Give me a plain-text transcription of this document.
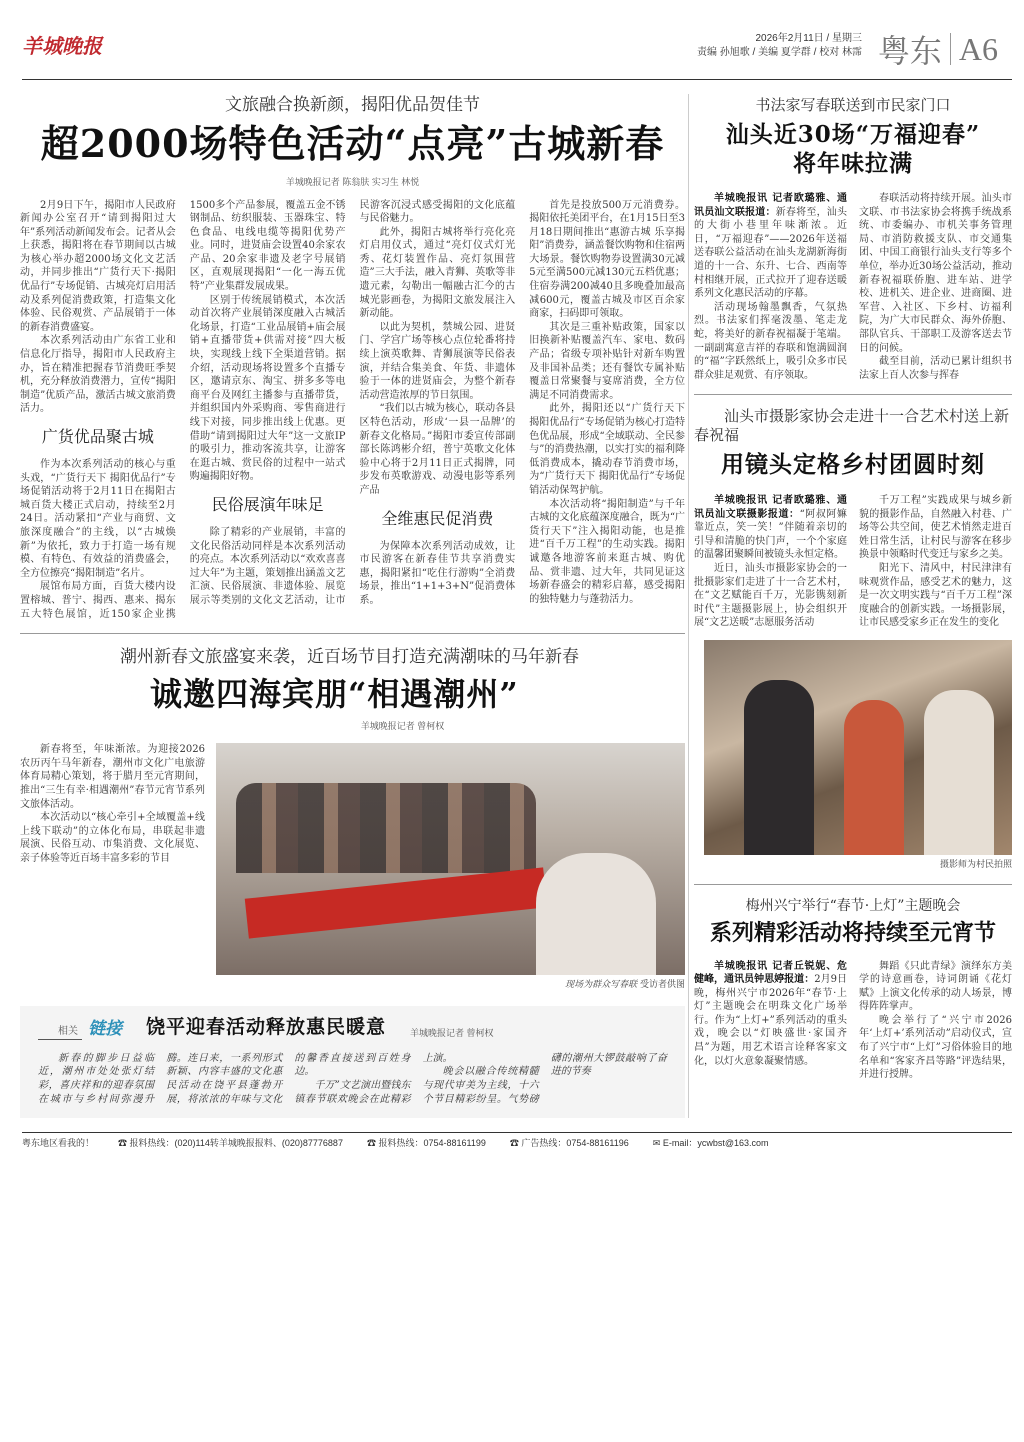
羊城晚报	2026年2月11日 / 星期三
责编 孙旭歌 / 美编 夏学群 / 校对 林霈 粤东 A6
文旅融合换新颜，揭阳优品贺佳节
超2000场特色活动“点亮”古城新春
羊城晚报记者 陈翁肤 实习生 林悦

2月9日下午，揭阳市人民政府新闻办公室召开“请到揭阳过大年”系列活动新闻发布会。记者从会上获悉，揭阳将在春节期间以古城为核心举办超2000场文化文艺活动，并同步推出“广货行天下·揭阳优品行”专场促销、古城亮灯启用活动及系列促消费政策，打造集文化体验、民俗观赏、产品展销于一体的新春消费盛宴。

本次系列活动由广东省工业和信息化厅指导，揭阳市人民政府主办，旨在精准把握春节消费旺季契机，充分释放消费潜力，宣传“揭阳制造”优质产品，激活古城文旅消费活力。

广货优品聚古城

作为本次系列活动的核心与重头戏，“广货行天下 揭阳优品行”专场促销活动将于2月11日在揭阳古城百货大楼正式启动，持续至2月24日。活动紧扣“产业与商贸、文旅深度融合”的主线，以“古城焕新”为依托，致力于打造一场有规模、有特色、有效益的消费盛会，全方位擦亮“揭阳制造”名片。

展馆布局方面，百货大楼内设置榕城、普宁、揭西、惠来、揭东五大特色展馆，近150家企业携1500多个产品参展，覆盖五金不锈钢制品、纺织服装、玉器珠宝、特色食品、电线电缆等揭阳优势产业。同时，进贤庙会设置40余家农产品、20余家非遗及老字号展销区，直观展现揭阳“一化一海五优特”产业集群发展成果。

区别于传统展销模式，本次活动首次将产业展销深度融入古城活化场景，打造“工业品展销+庙会展销+直播带货+供需对接”四大板块，实现线上线下全渠道营销。据介绍，活动现场将设置多个直播专区，邀请京东、淘宝、拼多多等电商平台及网红主播参与直播带货，并组织国内外采购商、零售商进行线下对接，同步推出线上优惠。更借助“请到揭阳过大年”这一文旅IP的吸引力，推动客流共享，让游客在逛古城、赏民俗的过程中一站式购遍揭阳好物。

民俗展演年味足

除了精彩的产业展销，丰富的文化民俗活动同样是本次系列活动的亮点。本次系列活动以“欢欢喜喜过大年”为主题，策划推出涵盖文艺汇演、民俗展演、非遗体验、展览展示等类别的文化文艺活动，让市民游客沉浸式感受揭阳的文化底蕴与民俗魅力。

此外，揭阳古城将举行亮化亮灯启用仪式，通过“亮灯仪式灯光秀、花灯装置作品、亮灯氛围营造”三大手法，融入青狮、英歌等非遗元素，勾勒出一幅融古汇今的古城光影画卷，为揭阳文旅发展注入新动能。

以此为契机，禁城公园、进贤门、学宫广场等核心点位轮番将持续上演英歌舞、青狮展演等民俗表演，并结合集美食、年货、非遗体验于一体的进贤庙会，为整个新春活动营造浓厚的节日氛围。

“我们以古城为核心，联动各县区特色活动，形成‘一县一品牌’的新春文化格局。”揭阳市委宣传部副部长陈鸿彬介绍，普宁英歌文化体验中心将于2月11日正式揭牌，同步发布英歌游戏、动漫电影等系列产品

全维惠民促消费

为保障本次系列活动成效，让市民游客在新春佳节共享消费实惠，揭阳紧扣“吃住行游购”全消费场景，推出“1+1+3+N”促消费体系。

首先是投放500万元消费券。揭阳依托美团平台，在1月15日至3月18日期间推出“惠游古城 乐享揭阳”消费券，涵盖餐饮购物和住宿两大场景。餐饮购物券设置满30元减5元至满500元减130元五档优惠；住宿券满200减40且多晚叠加最高减600元，覆盖古城及市区百余家商家，扫码即可领取。

其次是三重补贴政策，国家以旧换新补贴覆盖汽车、家电、数码产品；省级专项补贴针对新车购置及非国补品类；还有餐饮专属补贴覆盖日常聚餐与宴席消费，全方位满足不同消费需求。

此外，揭阳还以“广货行天下 揭阳优品行”专场促销为核心打造特色优品展，形成“全域联动、全民参与”的消费热潮，以实打实的福利降低消费成本，撬动春节消费市场，为“广货行天下 揭阳优品行”专场促销活动保驾护航。

本次活动将“揭阳制造”与千年古城的文化底蕴深度融合，既为“广货行天下”注入揭阳动能，也是推进“百千万工程”的生动实践。揭阳诚邀各地游客前来逛古城、购优品、赏非遗、过大年，共同见证这场新春盛会的精彩启幕，感受揭阳的独特魅力与蓬勃活力。

潮州新春文旅盛宴来袭，近百场节目打造充满潮味的马年新春
诚邀四海宾朋“相遇潮州”
羊城晚报记者 曾柯权

新春将至，年味渐浓。为迎接2026农历丙午马年新春，潮州市文化广电旅游体育局精心策划，将于腊月至元宵期间，推出“三生有幸·相遇潮州”春节元宵节系列文旅体活动。

本次活动以“核心牵引+全域覆盖+线上线下联动”的立体化布局，串联起非遗展演、民俗互动、市集消费、文化展览、亲子体验等近百场丰富多彩的节目

现场为群众写春联 受访者供图
相关 链接 饶平迎春活动释放惠民暖意	羊城晚报记者 曾柯权

新春的脚步日益临近，潮州市处处张灯结彩，喜庆祥和的迎春氛围在城市与乡村间弥漫升腾。连日来，一系列形式新颖、内容丰盛的文化惠民活动在饶平县蓬勃开展，将浓浓的年味与文化的馨香直接送到百姓身边。

千万”文艺演出暨钱东镇春节联欢晚会在此精彩上演。

晚会以融合传统精髓与现代审美为主线，十六个节目精彩纷呈。气势磅礴的潮州大锣鼓敲响了奋进的节奏

书法家写春联送到市民家门口
汕头近30场“万福迎春”
将年味拉满

羊城晚报讯 记者欧璐雅、通讯员汕文联报道：新春将至，汕头的大街小巷里年味渐浓。近日，“万福迎春”——2026年送福送春联公益活动在汕头龙湖新海街道的十一合、东升、七合、西南等村相继开展，正式拉开了迎春送暖系列文化惠民活动的序幕。

活动现场翰墨飘香，气氛热烈。书法家们挥毫泼墨、笔走龙蛇，将美好的新春祝福凝于笔端。一副副寓意吉祥的春联和饱满圆润的“福”字跃然纸上，吸引众多市民群众驻足观赏、有序领取。

春联活动将持续开展。汕头市文联、市书法家协会将携手统战系统、市委编办、市机关事务管理局、市消防救援支队、市交通集团、中国工商银行汕头支行等多个单位，举办近30场公益活动，推动新春祝福联侨胞、进车站、进学校、进机关、进企业、进商圈、进军营、入社区、下乡村、访福利院，为广大市民群众、海外侨胞、部队官兵、干部职工及游客送去节日的问候。

截至目前，活动已累计组织书法家上百人次参与挥春

汕头市摄影家协会走进十一合艺术村送上新春祝福
用镜头定格乡村团圆时刻

羊城晚报讯 记者欧璐雅、通讯员汕文联摄影报道：“阿叔阿嫲靠近点，笑一笑！”伴随着亲切的引导和清脆的快门声，一个个家庭的温馨团聚瞬间被镜头永恒定格。

近日，汕头市摄影家协会的一批摄影家们走进了十一合艺术村，在“文艺赋能百千万，光影镌刻新时代”主题摄影展上，协会组织开展“文艺送暖”志愿服务活动

千万工程”实践成果与城乡新貌的摄影作品，自然融入村巷、广场等公共空间，使艺术悄然走进百姓日常生活，让村民与游客在移步换景中领略时代变迁与家乡之美。

阳光下、清风中，村民津津有味观赏作品，感受艺术的魅力，这是一次文明实践与“百千万工程”深度融合的创新实践。一场摄影展，让市民感受家乡正在发生的变化

摄影师为村民拍照
梅州兴宁举行“春节·上灯”主题晚会
系列精彩活动将持续至元宵节

羊城晚报讯 记者丘锐妮、危健峰，通讯员钟思婷报道：2月9日晚，梅州兴宁市2026年“春节·上灯”主题晚会在明珠文化广场举行。作为“上灯+”系列活动的重头戏，晚会以“灯映盛世·家国齐昌”为题，用艺术语言诠释客家文化，以灯火意象凝聚情感。

舞蹈《只此青绿》演绎东方美学的诗意画卷，诗词朗诵《花灯赋》上演文化传承的动人场景，博得阵阵掌声。

晚会举行了“兴宁市2026年‘上灯+’系列活动”启动仪式，宣布了兴宁市“上灯”习俗体验目的地名单和“客家齐昌等路”评选结果，并进行授牌。

粤东地区看我的！	☎ 报料热线：(020)114转羊城晚报报料、(020)87776887	☎ 报料热线：0754-88161199	☎ 广告热线：0754-88161196	✉ E-mail：ycwbst@163.com
